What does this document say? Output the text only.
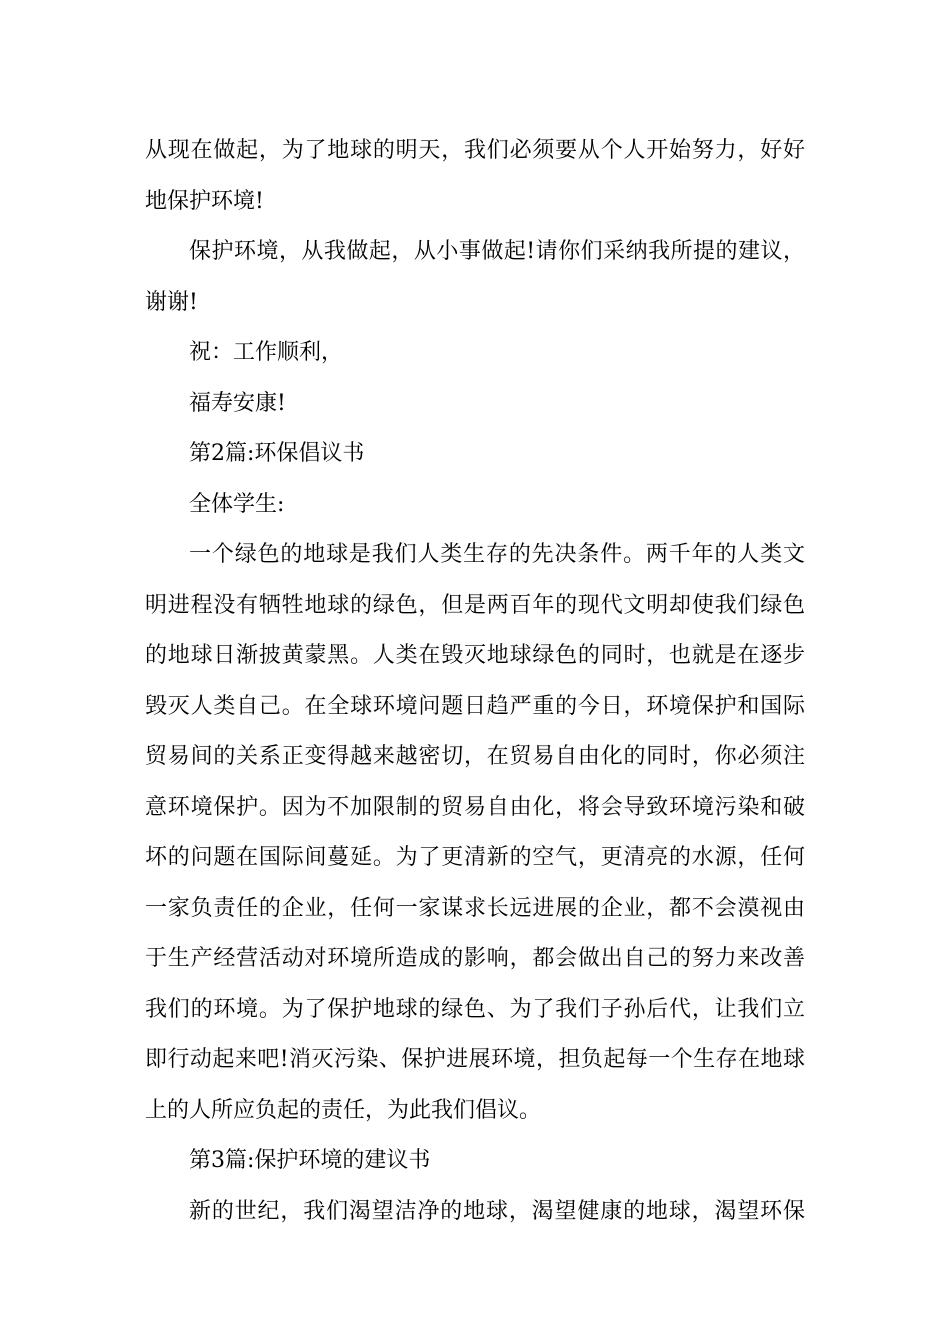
从现在做起，为了地球的明天，我们必须要从个人开始努力，好好
地保护环境!
保护环境，从我做起，从小事做起!请你们采纳我所提的建议，
谢谢!
祝：工作顺利，
福寿安康!
第2篇:环保倡议书
全体学生:
一个绿色的地球是我们人类生存的先决条件。两千年的人类文
明进程没有牺牲地球的绿色，但是两百年的现代文明却使我们绿色
的地球日渐披黄蒙黑。人类在毁灭地球绿色的同时，也就是在逐步
毁灭人类自己。在全球环境问题日趋严重的今日，环境保护和国际
贸易间的关系正变得越来越密切，在贸易自由化的同时，你必须注
意环境保护。因为不加限制的贸易自由化，将会导致环境污染和破
坏的问题在国际间蔓延。为了更清新的空气，更清亮的水源，任何
一家负责任的企业，任何一家谋求长远进展的企业，都不会漠视由
于生产经营活动对环境所造成的影响，都会做出自己的努力来改善
我们的环境。为了保护地球的绿色、为了我们子孙后代，让我们立
即行动起来吧!消灭污染、保护进展环境，担负起每一个生存在地球
上的人所应负起的责任，为此我们倡议。
第3篇:保护环境的建议书
新的世纪，我们渴望洁净的地球，渴望健康的地球，渴望环保
